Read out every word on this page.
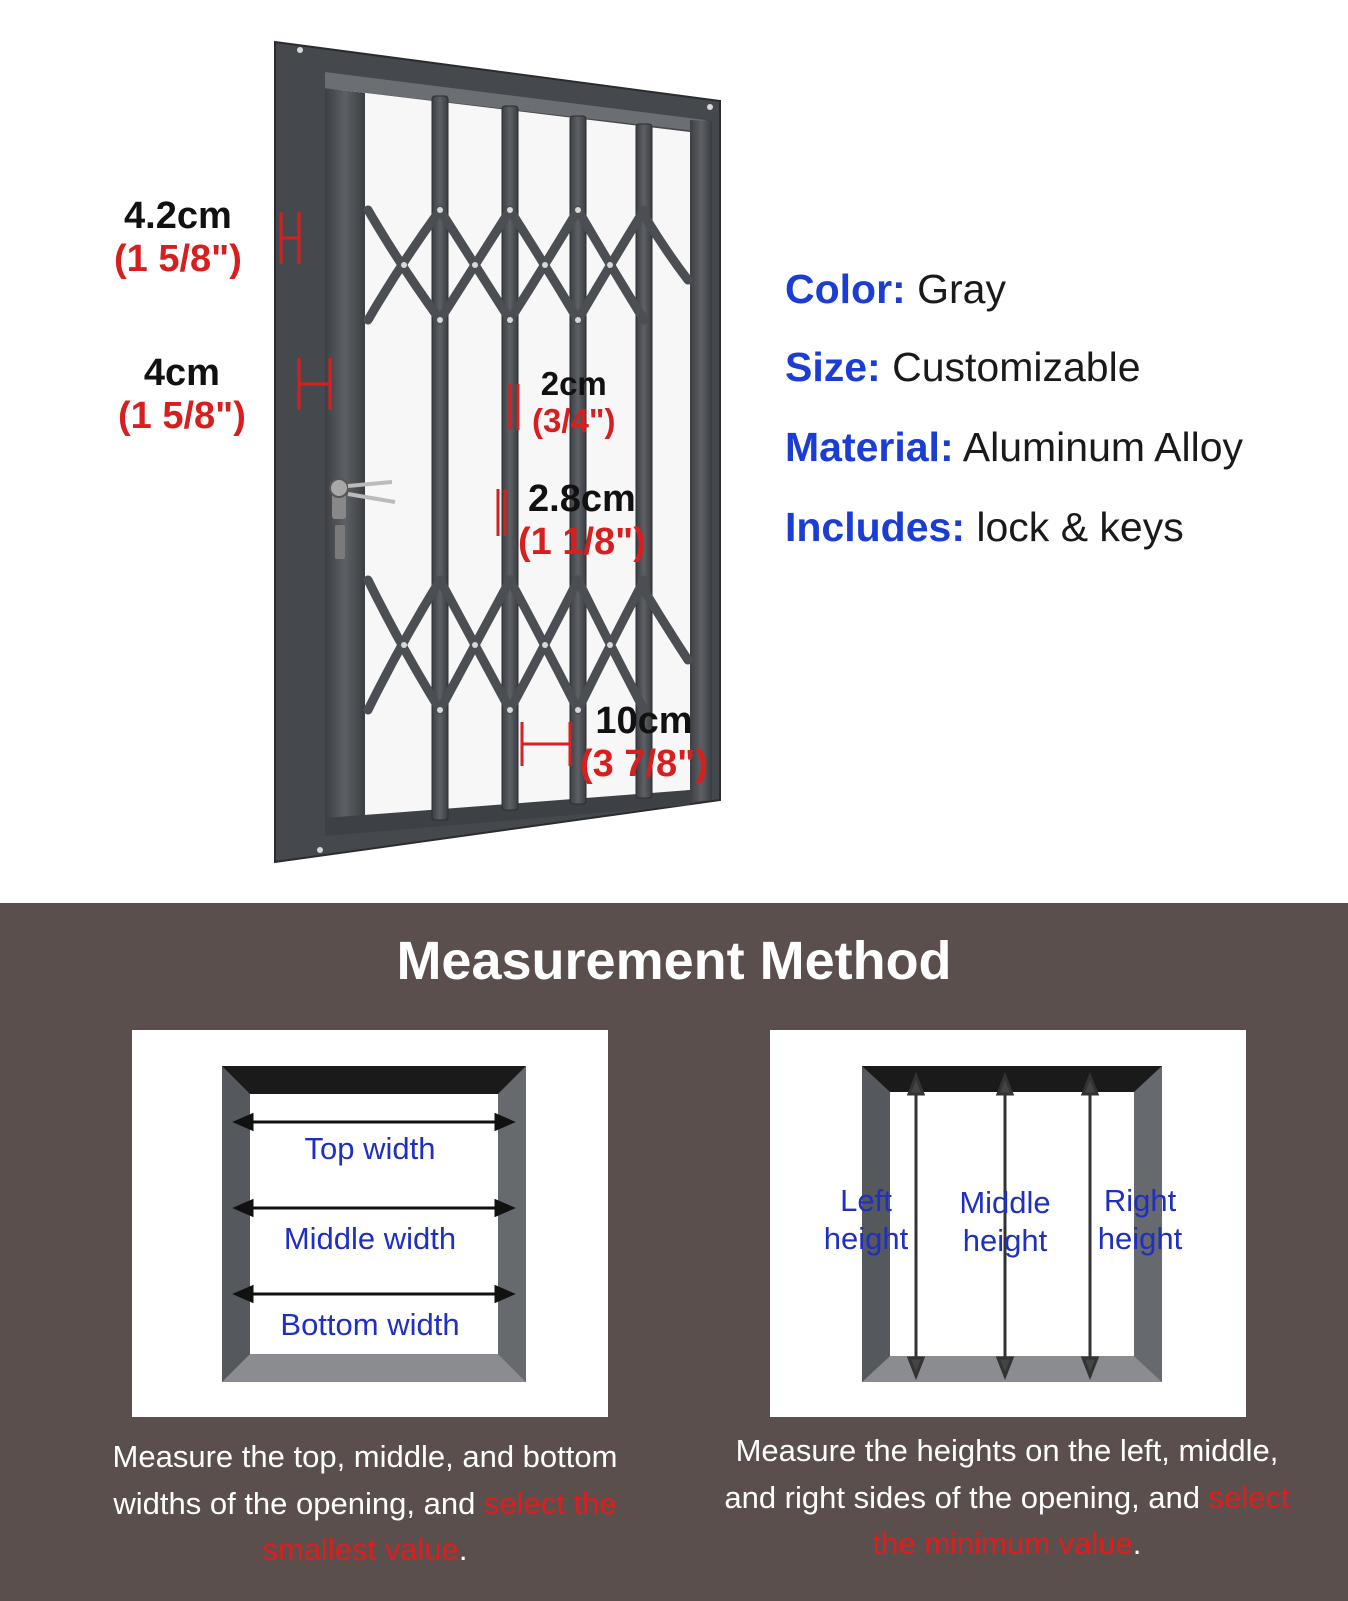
4.2cm
(1 5/8")
4cm
(1 5/8")
2cm
(3/4")
2.8cm
(1 1/8")
10cm
(3 7/8")
Color: Gray
Size: Customizable
Material: Aluminum Alloy
Includes: lock & keys
Measurement Method
Top width
Middle width
Bottom width
Left
height
Middle
height
Right
height
Measure the top, middle, and bottom widths of the opening, and select the smallest value.
Measure the heights on the left, middle, and right sides of the opening, and select the minimum value.
